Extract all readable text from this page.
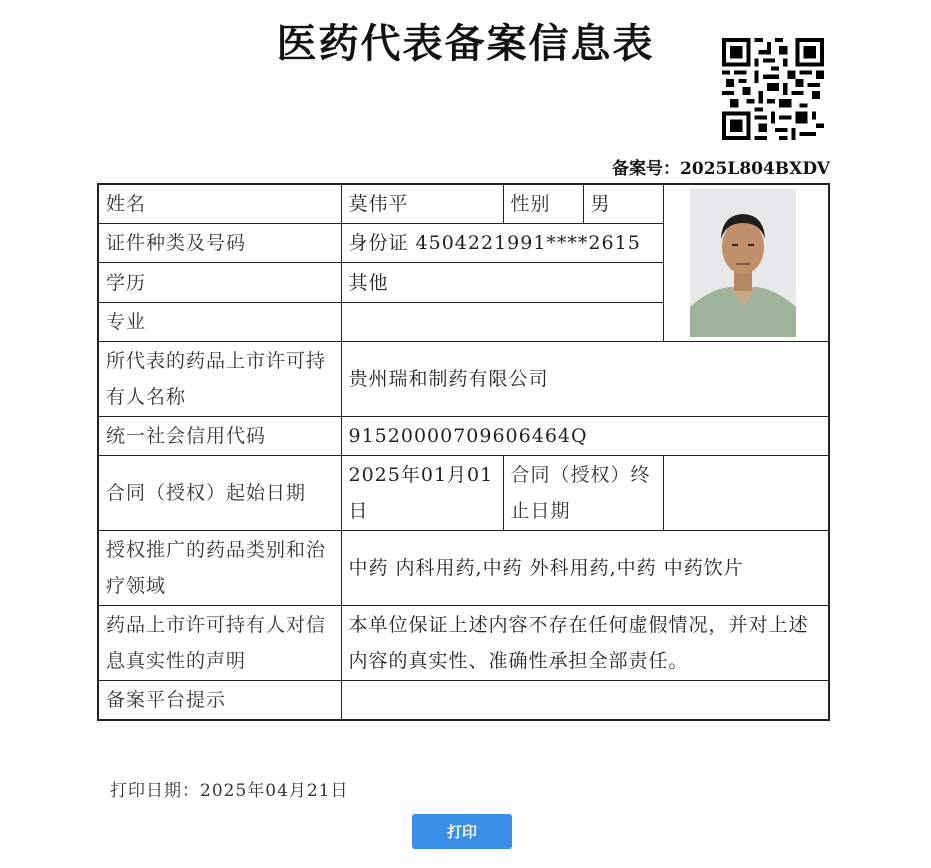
医药代表备案信息表
备案号：2025L804BXDV
姓名	莫伟平	性别	男	

证件种类及号码	身份证 4504221991****2615			
学历	其他			
专业				
所代表的药品上市许可持有人名称	贵州瑞和制药有限公司			
统一社会信用代码	91520000709606464Q			
合同（授权）起始日期	2025年01月01日	合同（授权）终止日期		
授权推广的药品类别和治疗领域	中药 内科用药,中药 外科用药,中药 中药饮片			
药品上市许可持有人对信息真实性的声明	本单位保证上述内容不存在任何虚假情况，并对上述内容的真实性、准确性承担全部责任。			
备案平台提示				
打印日期：2025年04月21日
打印
